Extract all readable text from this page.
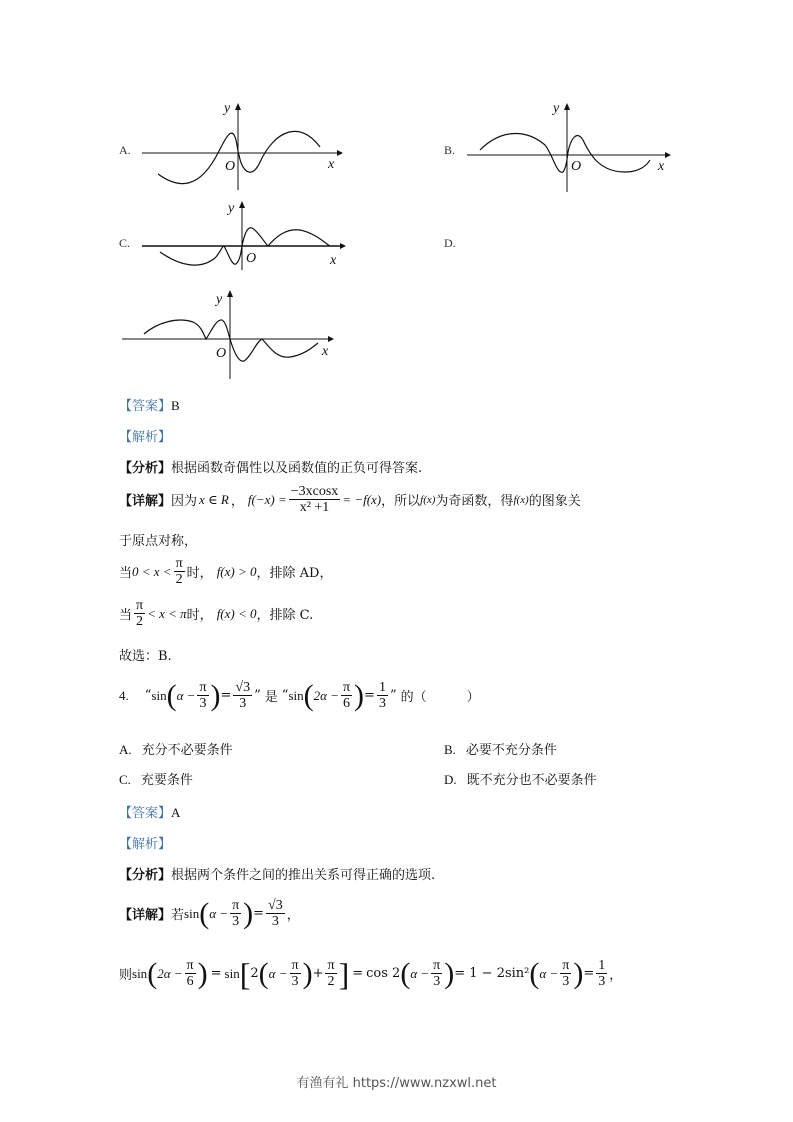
A.
O
y
x
B.
O
y
x
C.
O
y
x
D.
O
y
x
【答案】B
【解析】
【分析】根据函数奇偶性以及函数值的正负可得答案.
【详解】 因为 x ∈ R ， $f(-x) = \frac{-3xcosx}{\text{x² +1}} = -f(x)$ ，所以 f(x) 为奇函数，得 f(x) 的图象关
于原点对称，
当 $0 < x < \frac{\pi}{2}$ 时， f(x) > 0 ，排除 AD，
当 $\frac{\pi}{2} < x < \pi$ 时， f(x) < 0 ，排除 C.
故选：B.
4. “ sin ( $\alpha - \frac{\pi}{3}$ ) = $\frac{√3}{3}$ ” 是 “ sin ( $2\alpha - \frac{\pi}{6}$ ) = $\frac{1}{3}$ ” 的（	）
A. 充分不必要条件	B. 必要不充分条件
C. 充要条件	D. 既不充分也不必要条件
【答案】A
【解析】
【分析】根据两个条件之间的推出关系可得正确的选项.
【详解】 若 sin ( $\alpha - \frac{\pi}{3}$ ) = $\frac{√3}{3}$ ，
则 sin ( $2\alpha - \frac{\pi}{6}$ ) = sin [ 2 ( $\alpha - \frac{\pi}{3}$ ) + $\frac{\pi}{2}$ ] = cos 2 ( $\alpha - \frac{\pi}{3}$ ) = 1 − 2sin² ( $\alpha - \frac{\pi}{3}$ ) = $\frac{1}{3}$ ，
有渔有礼 https://www.nzxwl.net
